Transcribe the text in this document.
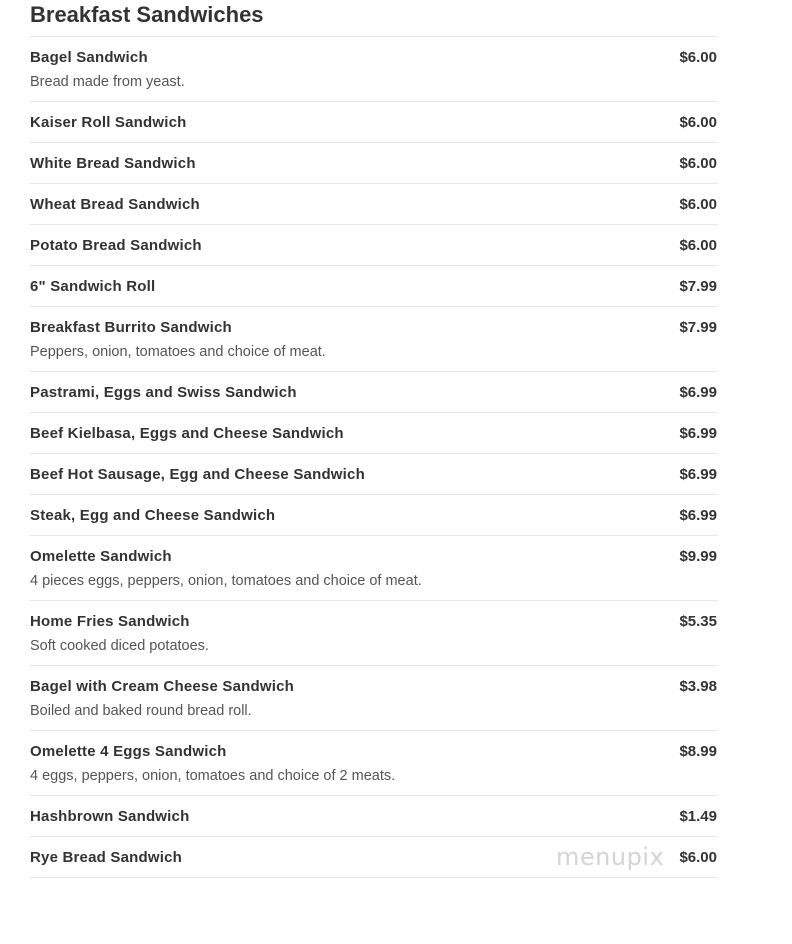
Breakfast Sandwiches
Bagel Sandwich	$6.00
Bread made from yeast.
Kaiser Roll Sandwich	$6.00
White Bread Sandwich	$6.00
Wheat Bread Sandwich	$6.00
Potato Bread Sandwich	$6.00
6" Sandwich Roll	$7.99
Breakfast Burrito Sandwich	$7.99
Peppers, onion, tomatoes and choice of meat.
Pastrami, Eggs and Swiss Sandwich	$6.99
Beef Kielbasa, Eggs and Cheese Sandwich	$6.99
Beef Hot Sausage, Egg and Cheese Sandwich	$6.99
Steak, Egg and Cheese Sandwich	$6.99
Omelette Sandwich	$9.99
4 pieces eggs, peppers, onion, tomatoes and choice of meat.
Home Fries Sandwich	$5.35
Soft cooked diced potatoes.
Bagel with Cream Cheese Sandwich	$3.98
Boiled and baked round bread roll.
Omelette 4 Eggs Sandwich	$8.99
4 eggs, peppers, onion, tomatoes and choice of 2 meats.
Hashbrown Sandwich	$1.49
Rye Bread Sandwich	$6.00
menupix
